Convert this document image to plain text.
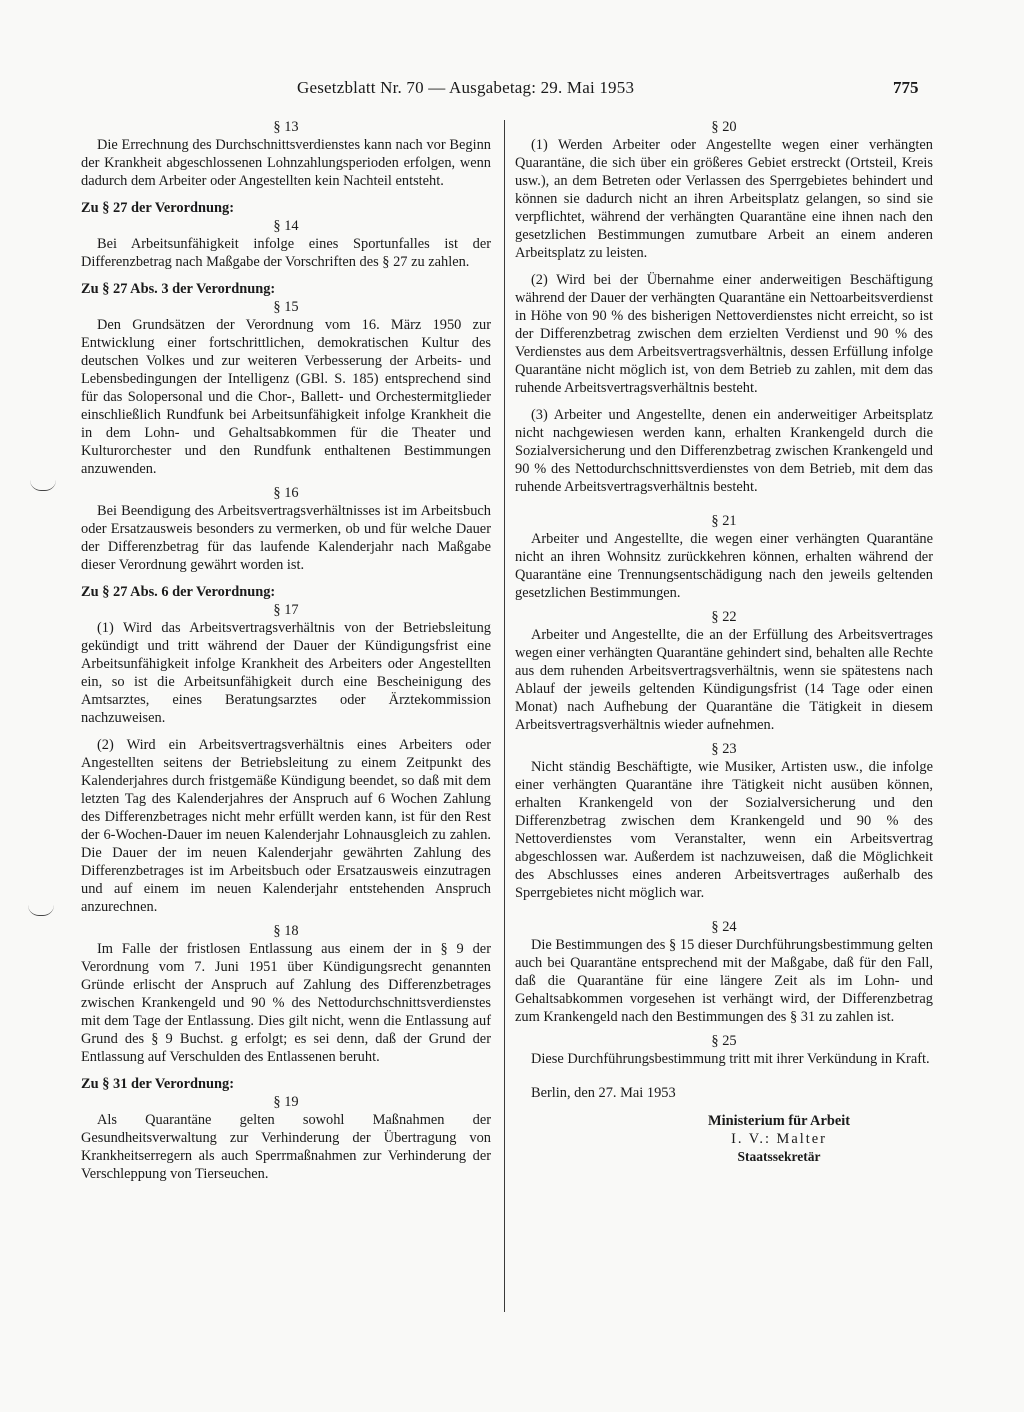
Gesetzblatt Nr. 70 — Ausgabetag: 29. Mai 1953	775
§ 13

Die Errechnung des Durchschnittsverdienstes kann nach vor Beginn der Krankheit abgeschlossenen Lohnzahlungsperioden erfolgen, wenn dadurch dem Arbeiter oder Angestellten kein Nachteil entsteht.

Zu § 27 der Verordnung:
§ 14

Bei Arbeitsunfähigkeit infolge eines Sportunfalles ist der Differenzbetrag nach Maßgabe der Vorschriften des § 27 zu zahlen.

Zu § 27 Abs. 3 der Verordnung:
§ 15

Den Grundsätzen der Verordnung vom 16. März 1950 zur Entwicklung einer fortschrittlichen, demokratischen Kultur des deutschen Volkes und zur weiteren Verbesserung der Arbeits- und Lebensbedingungen der Intelligenz (GBl. S. 185) entsprechend sind für das Solopersonal und die Chor-, Ballett- und Orchestermitglieder einschließlich Rundfunk bei Arbeitsunfähigkeit infolge Krankheit die in dem Lohn- und Gehaltsabkommen für die Theater und Kulturorchester und den Rundfunk enthaltenen Bestimmungen anzuwenden.

§ 16

Bei Beendigung des Arbeitsvertragsverhältnisses ist im Arbeitsbuch oder Ersatzausweis besonders zu vermerken, ob und für welche Dauer der Differenzbetrag für das laufende Kalenderjahr nach Maßgabe dieser Verordnung gewährt worden ist.

Zu § 27 Abs. 6 der Verordnung:
§ 17

(1) Wird das Arbeitsvertragsverhältnis von der Betriebsleitung gekündigt und tritt während der Dauer der Kündigungsfrist eine Arbeitsunfähigkeit infolge Krankheit des Arbeiters oder Angestellten ein, so ist die Arbeitsunfähigkeit durch eine Bescheinigung des Amtsarztes, eines Beratungsarztes oder Ärztekommission nachzuweisen.

(2) Wird ein Arbeitsvertragsverhältnis eines Arbeiters oder Angestellten seitens der Betriebsleitung zu einem Zeitpunkt des Kalenderjahres durch fristgemäße Kündigung beendet, so daß mit dem letzten Tag des Kalenderjahres der Anspruch auf 6 Wochen Zahlung des Differenzbetrages nicht mehr erfüllt werden kann, ist für den Rest der 6-Wochen-Dauer im neuen Kalenderjahr Lohnausgleich zu zahlen. Die Dauer der im neuen Kalenderjahr gewährten Zahlung des Differenzbetrages ist im Arbeitsbuch oder Ersatzausweis einzutragen und auf einem im neuen Kalenderjahr entstehenden Anspruch anzurechnen.

§ 18

Im Falle der fristlosen Entlassung aus einem der in § 9 der Verordnung vom 7. Juni 1951 über Kündigungsrecht genannten Gründe erlischt der Anspruch auf Zahlung des Differenzbetrages zwischen Krankengeld und 90 % des Nettodurchschnittsverdienstes mit dem Tage der Entlassung. Dies gilt nicht, wenn die Entlassung auf Grund des § 9 Buchst. g erfolgt; es sei denn, daß der Grund der Entlassung auf Verschulden des Entlassenen beruht.

Zu § 31 der Verordnung:
§ 19

Als Quarantäne gelten sowohl Maßnahmen der Gesundheitsverwaltung zur Verhinderung der Übertragung von Krankheitserregern als auch Sperrmaßnahmen zur Verhinderung der Verschleppung von Tierseuchen.

§ 20

(1) Werden Arbeiter oder Angestellte wegen einer verhängten Quarantäne, die sich über ein größeres Gebiet erstreckt (Ortsteil, Kreis usw.), an dem Betreten oder Verlassen des Sperrgebietes behindert und können sie dadurch nicht an ihren Arbeitsplatz gelangen, so sind sie verpflichtet, während der verhängten Quarantäne eine ihnen nach den gesetzlichen Bestimmungen zumutbare Arbeit an einem anderen Arbeitsplatz zu leisten.

(2) Wird bei der Übernahme einer anderweitigen Beschäftigung während der Dauer der verhängten Quarantäne ein Nettoarbeitsverdienst in Höhe von 90 % des bisherigen Nettoverdienstes nicht erreicht, so ist der Differenzbetrag zwischen dem erzielten Verdienst und 90 % des Verdienstes aus dem Arbeitsvertragsverhältnis, dessen Erfüllung infolge Quarantäne nicht möglich ist, von dem Betrieb zu zahlen, mit dem das ruhende Arbeitsvertragsverhältnis besteht.

(3) Arbeiter und Angestellte, denen ein anderweitiger Arbeitsplatz nicht nachgewiesen werden kann, erhalten Krankengeld durch die Sozialversicherung und den Differenzbetrag zwischen Krankengeld und 90 % des Nettodurchschnittsverdienstes von dem Betrieb, mit dem das ruhende Arbeitsvertragsverhältnis besteht.

§ 21

Arbeiter und Angestellte, die wegen einer verhängten Quarantäne nicht an ihren Wohnsitz zurückkehren können, erhalten während der Quarantäne eine Trennungsentschädigung nach den jeweils geltenden gesetzlichen Bestimmungen.

§ 22

Arbeiter und Angestellte, die an der Erfüllung des Arbeitsvertrages wegen einer verhängten Quarantäne gehindert sind, behalten alle Rechte aus dem ruhenden Arbeitsvertragsverhältnis, wenn sie spätestens nach Ablauf der jeweils geltenden Kündigungsfrist (14 Tage oder einen Monat) nach Aufhebung der Quarantäne die Tätigkeit in diesem Arbeitsvertragsverhältnis wieder aufnehmen.

§ 23

Nicht ständig Beschäftigte, wie Musiker, Artisten usw., die infolge einer verhängten Quarantäne ihre Tätigkeit nicht ausüben können, erhalten Krankengeld von der Sozialversicherung und den Differenzbetrag zwischen dem Krankengeld und 90 % des Nettoverdienstes vom Veranstalter, wenn ein Arbeitsvertrag abgeschlossen war. Außerdem ist nachzuweisen, daß die Möglichkeit des Abschlusses eines anderen Arbeitsvertrages außerhalb des Sperrgebietes nicht möglich war.

§ 24

Die Bestimmungen des § 15 dieser Durchführungsbestimmung gelten auch bei Quarantäne entsprechend mit der Maßgabe, daß für den Fall, daß die Quarantäne für eine längere Zeit als im Lohn- und Gehaltsabkommen vorgesehen ist verhängt wird, der Differenzbetrag zum Krankengeld nach den Bestimmungen des § 31 zu zahlen ist.

§ 25

Diese Durchführungsbestimmung tritt mit ihrer Verkündung in Kraft.

Berlin, den 27. Mai 1953
Ministerium für Arbeit
I. V.: Malter
Staatssekretär
